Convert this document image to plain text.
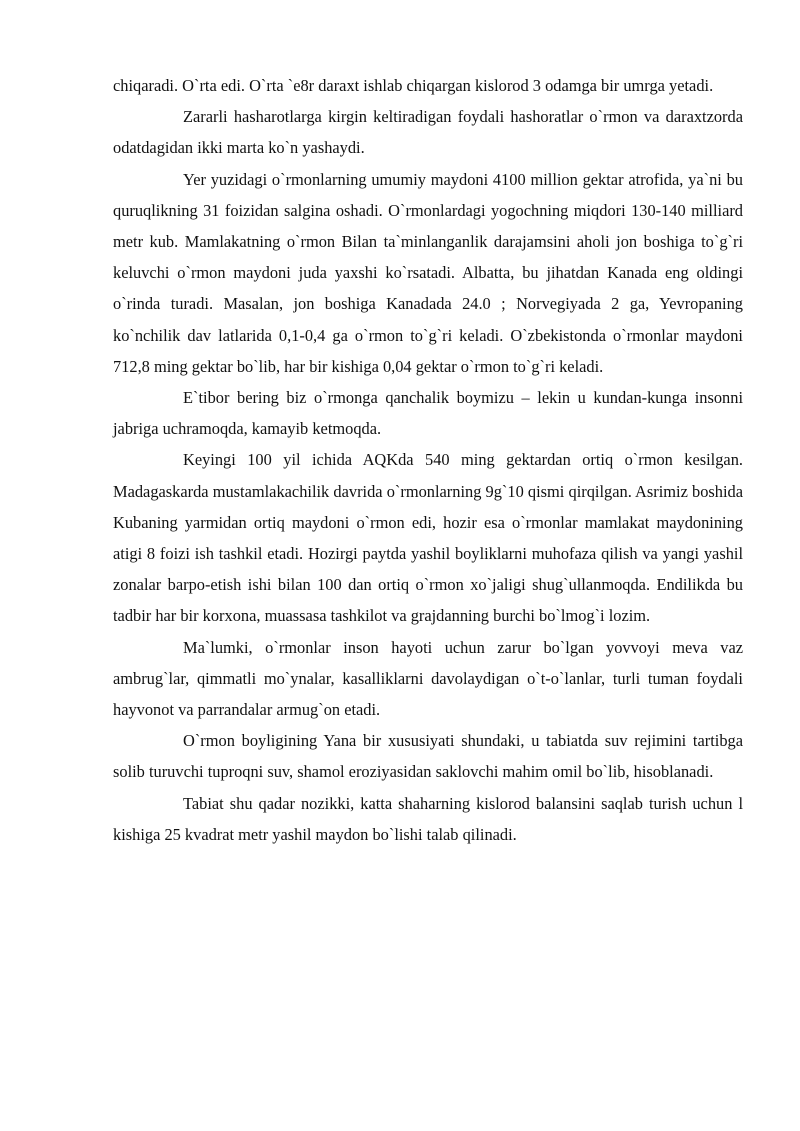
chiqaradi. O`rta edi. O`rta `e8r daraxt ishlab chiqargan kislorod 3 odamga bir umrga yetadi.

Zararli hasharotlarga kirgin keltiradigan foydali hashoratlar o`rmon va daraxtzorda odatdagidan ikki marta ko`n yashaydi.

Yer yuzidagi o`rmonlarning umumiy maydoni 4100 million gektar atrofida, ya`ni bu quruqlikning 31 foizidan salgina oshadi. O`rmonlardagi yogochning miqdori 130-140 milliard metr kub. Mamlakatning o`rmon Bilan ta`minlanganlik darajamsini aholi jon boshiga to`g`ri keluvchi o`rmon maydoni juda yaxshi ko`rsatadi. Albatta, bu jihatdan Kanada eng oldingi o`rinda turadi. Masalan, jon boshiga Kanadada 24.0 ; Norvegiyada 2 ga, Yevropaning ko`nchilik dav latlarida 0,1-0,4 ga o`rmon to`g`ri keladi. O`zbekistonda o`rmonlar maydoni 712,8 ming gektar bo`lib, har bir kishiga 0,04 gektar o`rmon to`g`ri keladi.

E`tibor bering biz o`rmonga qanchalik boymizu – lekin u kundan-kunga insonni jabriga uchramoqda, kamayib ketmoqda.

Keyingi 100 yil ichida AQKda 540 ming gektardan ortiq o`rmon kesilgan. Madagaskarda mustamlakachilik davrida o`rmonlarning 9g`10 qismi qirqilgan. Asrimiz boshida Kubaning yarmidan ortiq maydoni o`rmon edi, hozir esa o`rmonlar mamlakat maydonining atigi 8 foizi ish tashkil etadi. Hozirgi paytda yashil boyliklarni muhofaza qilish va yangi yashil zonalar barpo-etish ishi bilan 100 dan ortiq o`rmon xo`jaligi shug`ullanmoqda. Endilikda bu tadbir har bir korxona, muassasa tashkilot va grajdanning burchi bo`lmog`i lozim.

Ma`lumki, o`rmonlar inson hayoti uchun zarur bo`lgan yovvoyi meva vaz ambrug`lar, qimmatli mo`ynalar, kasalliklarni davolaydigan o`t-o`lanlar, turli tuman foydali hayvonot va parrandalar armug`on etadi.

O`rmon boyligining Yana bir xususiyati shundaki, u tabiatda suv rejimini tartibga solib turuvchi tuproqni suv, shamol eroziyasidan saklovchi mahim omil bo`lib, hisoblanadi.

Tabiat shu qadar nozikki, katta shaharning kislorod balansini saqlab turish uchun l kishiga 25 kvadrat metr yashil maydon bo`lishi talab qilinadi.
